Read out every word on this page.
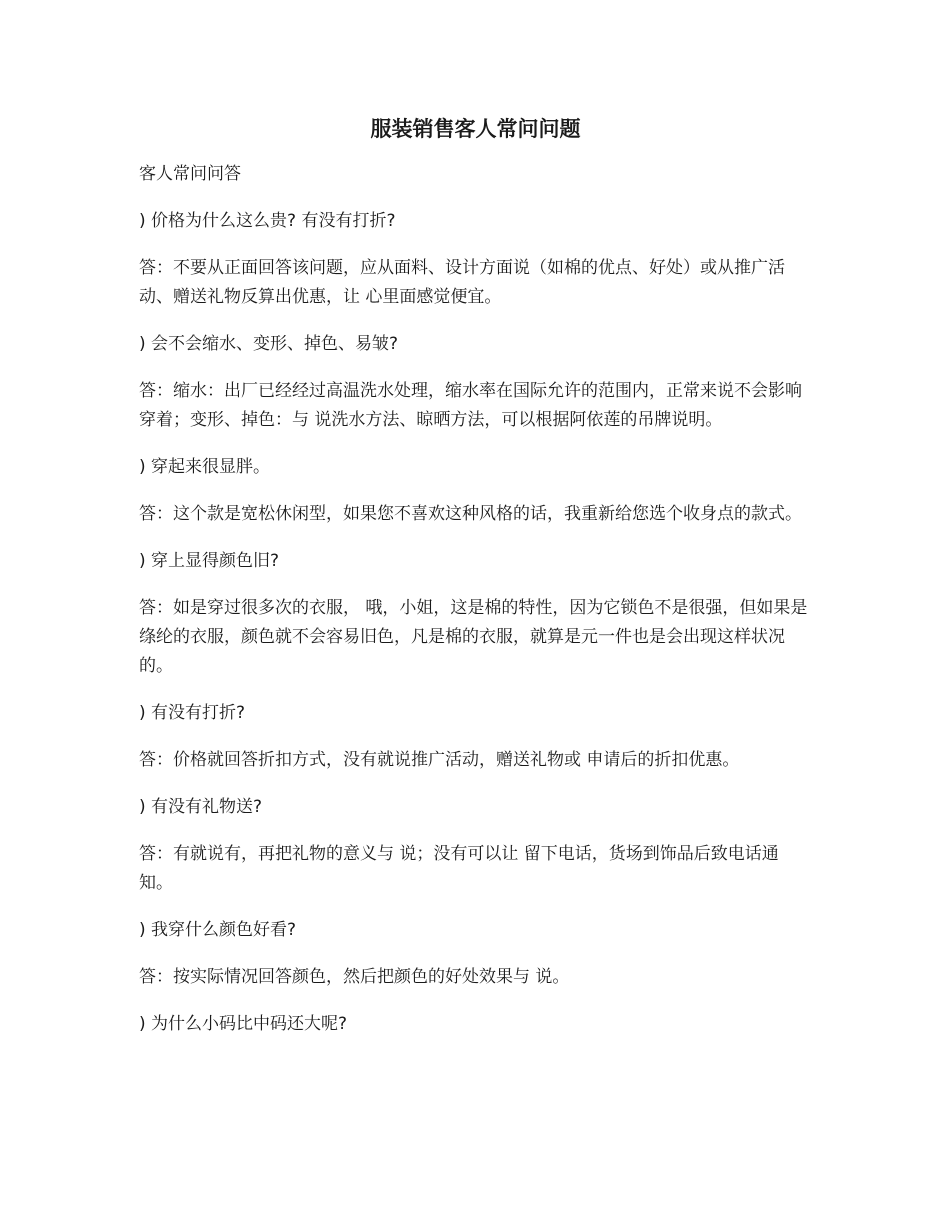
服装销售客人常问问题

客人常问问答

) 价格为什么这么贵? 有没有打折?

答：不要从正面回答该问题，应从面料、设计方面说（如棉的优点、好处）或从推广活动、赠送礼物反算出优惠，让 心里面感觉便宜。

) 会不会缩水、变形、掉色、易皱?

答：缩水：出厂已经经过高温洗水处理，缩水率在国际允许的范围内，正常来说不会影响穿着；变形、掉色：与 说洗水方法、晾晒方法，可以根据阿依莲的吊牌说明。

) 穿起来很显胖。

答：这个款是宽松休闲型，如果您不喜欢这种风格的话，我重新给您选个收身点的款式。

) 穿上显得颜色旧?

答：如是穿过很多次的衣服， 哦，小姐，这是棉的特性，因为它锁色不是很强，但如果是绦纶的衣服，颜色就不会容易旧色，凡是棉的衣服，就算是元一件也是会出现这样状况的。

) 有没有打折?

答：价格就回答折扣方式，没有就说推广活动，赠送礼物或 申请后的折扣优惠。

) 有没有礼物送?

答：有就说有，再把礼物的意义与 说；没有可以让 留下电话，货场到饰品后致电话通知。

) 我穿什么颜色好看?

答：按实际情况回答颜色，然后把颜色的好处效果与 说。

) 为什么小码比中码还大呢?
